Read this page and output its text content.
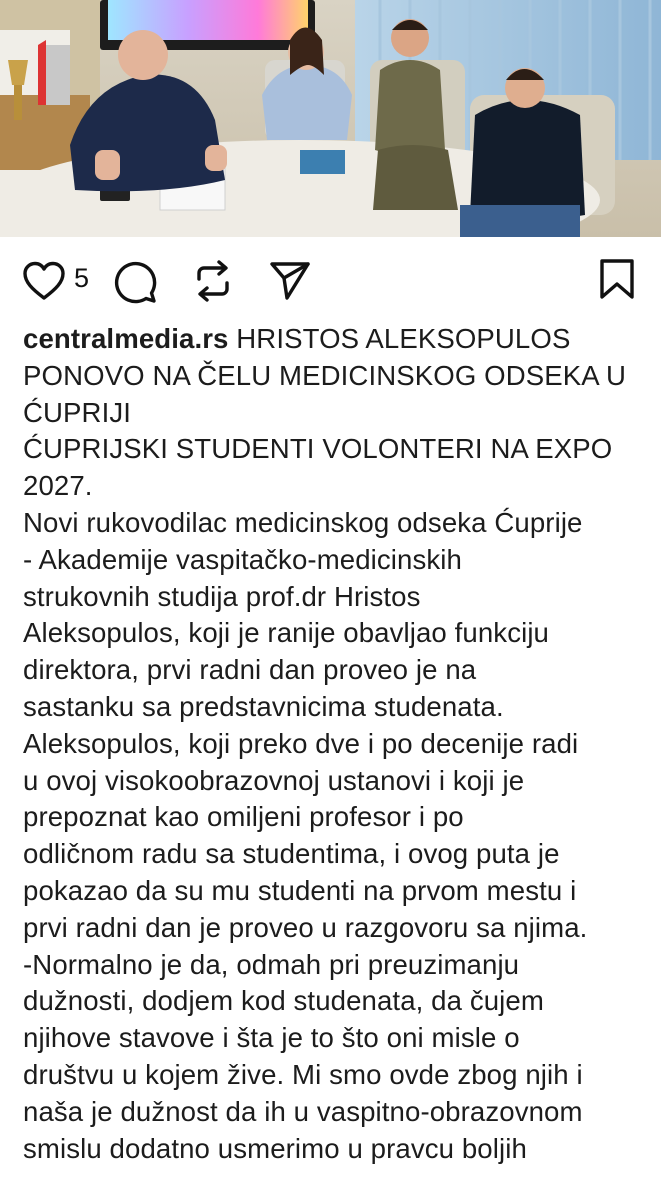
5
centralmedia.rs HRISTOS ALEKSOPULOS
PONOVO NA ČELU MEDICINSKOG ODSEKA U
ĆUPRIJI
ĆUPRIJSKI STUDENTI VOLONTERI NA EXPO
2027.
Novi rukovodilac medicinskog odseka Ćuprije
- Akademije vaspitačko-medicinskih
strukovnih studija prof.dr Hristos
Aleksopulos, koji je ranije obavljao funkciju
direktora, prvi radni dan proveo je na
sastanku sa predstavnicima studenata.
Aleksopulos, koji preko dve i po decenije radi
u ovoj visokoobrazovnoj ustanovi i koji je
prepoznat kao omiljeni profesor i po
odličnom radu sa studentima, i ovog puta je
pokazao da su mu studenti na prvom mestu i
prvi radni dan je proveo u razgovoru sa njima.
-Normalno je da, odmah pri preuzimanju
dužnosti, dodjem kod studenata, da čujem
njihove stavove i šta je to što oni misle o
društvu u kojem žive. Mi smo ovde zbog njih i
naša je dužnost da ih u vaspitno-obrazovnom
smislu dodatno usmerimo u pravcu boljih
